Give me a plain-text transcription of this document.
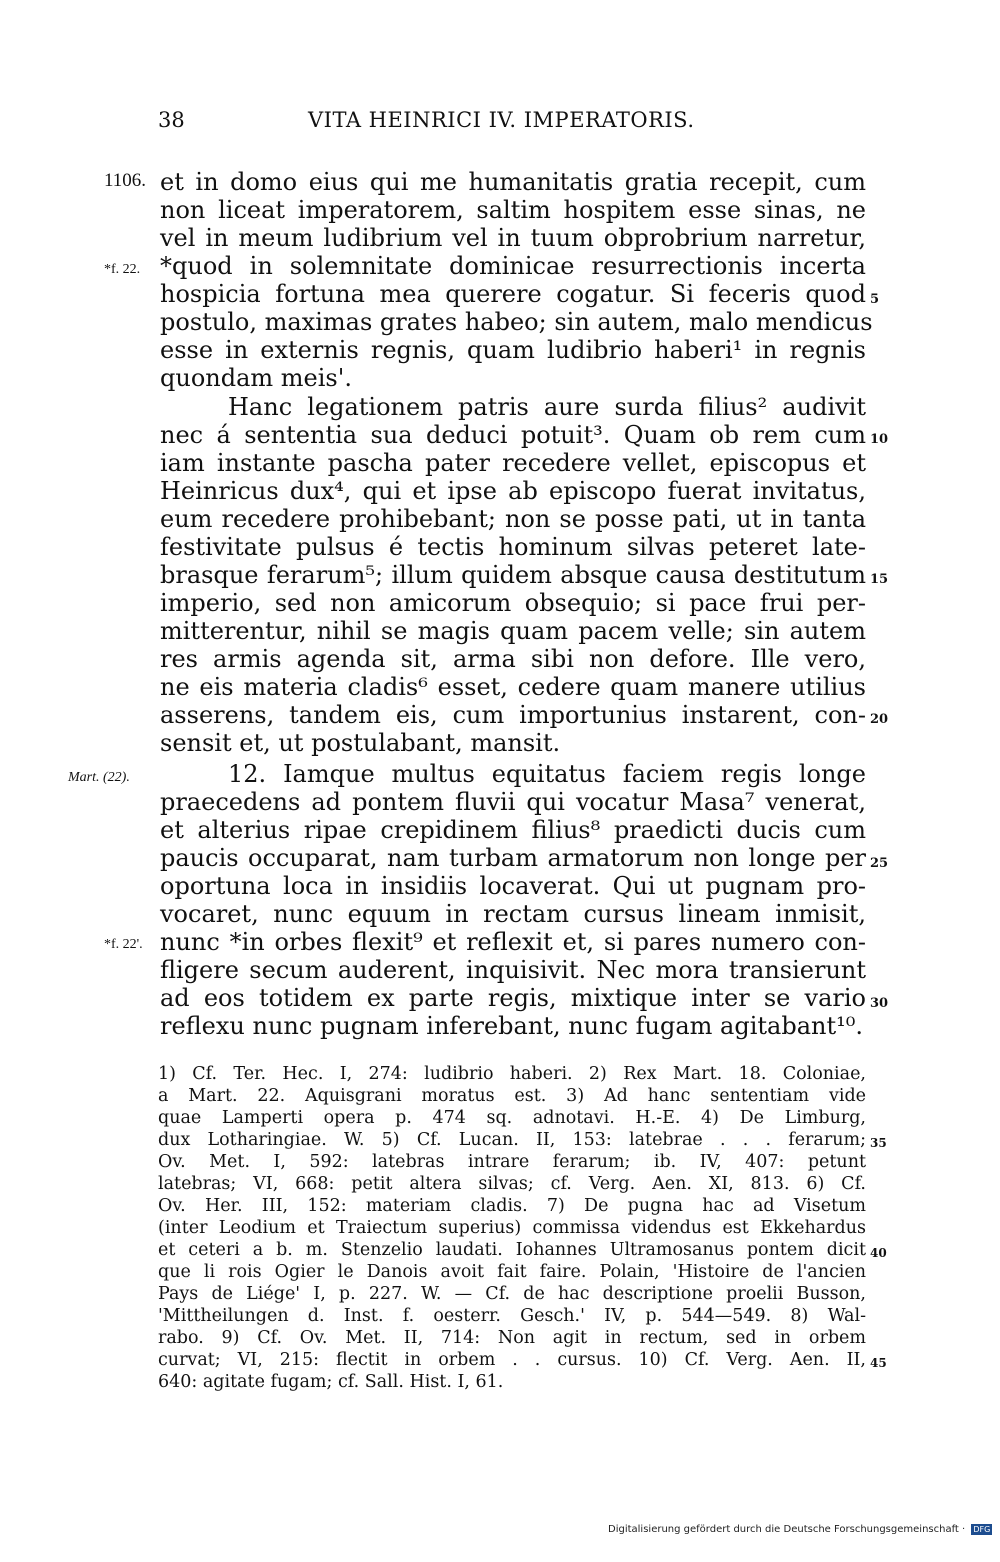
38	VITA HEINRICI IV. IMPERATORIS.
1106.
*f. 22.
Mart. (22).
*f. 22'.
et in domo eius qui me humanitatis gratia recepit, cum
non liceat imperatorem, saltim hospitem esse sinas, ne
vel in meum ludibrium vel in tuum obprobrium narretur,
*quod in solemnitate dominicae resurrectionis incerta
hospicia fortuna mea querere cogatur. Si feceris quod
postulo, maximas grates habeo; sin autem, malo mendicus
esse in externis regnis, quam ludibrio haberi¹ in regnis
quondam meis'.
Hanc legationem patris aure surda filius² audivit
nec á sententia sua deduci potuit³. Quam ob rem cum
iam instante pascha pater recedere vellet, episcopus et
Heinricus dux⁴, qui et ipse ab episcopo fuerat invitatus,
eum recedere prohibebant; non se posse pati, ut in tanta
festivitate pulsus é tectis hominum silvas peteret late-
brasque ferarum⁵; illum quidem absque causa destitutum
imperio, sed non amicorum obsequio; si pace frui per-
mitterentur, nihil se magis quam pacem velle; sin autem
res armis agenda sit, arma sibi non defore. Ille vero,
ne eis materia cladis⁶ esset, cedere quam manere utilius
asserens, tandem eis, cum importunius instarent, con-
sensit et, ut postulabant, mansit.
12. Iamque multus equitatus faciem regis longe
praecedens ad pontem fluvii qui vocatur Masa⁷ venerat,
et alterius ripae crepidinem filius⁸ praedicti ducis cum
paucis occuparat, nam turbam armatorum non longe per
oportuna loca in insidiis locaverat. Qui ut pugnam pro-
vocaret, nunc equum in rectam cursus lineam inmisit,
nunc *in orbes flexit⁹ et reflexit et, si pares numero con-
fligere secum auderent, inquisivit. Nec mora transierunt
ad eos totidem ex parte regis, mixtique inter se vario
reflexu nunc pugnam inferebant, nunc fugam agitabant¹⁰.
5
10
15
20
25
30
1) Cf. Ter. Hec. I, 274: ludibrio haberi. 2) Rex Mart. 18. Coloniae,
a Mart. 22. Aquisgrani moratus est. 3) Ad hanc sententiam vide
quae Lamperti opera p. 474 sq. adnotavi. H.-E. 4) De Limburg,
dux Lotharingiae. W. 5) Cf. Lucan. II, 153: latebrae . . . ferarum;
Ov. Met. I, 592: latebras intrare ferarum; ib. IV, 407: petunt
latebras; VI, 668: petit altera silvas; cf. Verg. Aen. XI, 813. 6) Cf.
Ov. Her. III, 152: materiam cladis. 7) De pugna hac ad Visetum
(inter Leodium et Traiectum superius) commissa videndus est Ekkehardus
et ceteri a b. m. Stenzelio laudati. Iohannes Ultramosanus pontem dicit
que li rois Ogier le Danois avoit fait faire. Polain, 'Histoire de l'ancien
Pays de Liége' I, p. 227. W. — Cf. de hac descriptione proelii Busson,
'Mittheilungen d. Inst. f. oesterr. Gesch.' IV, p. 544—549. 8) Wal-
rabo. 9) Cf. Ov. Met. II, 714: Non agit in rectum, sed in orbem
curvat; VI, 215: flectit in orbem . . cursus. 10) Cf. Verg. Aen. II,
640: agitate fugam; cf. Sall. Hist. I, 61.
35
40
45
Digitalisierung gefördert durch die Deutsche Forschungsgemeinschaft · DFG
